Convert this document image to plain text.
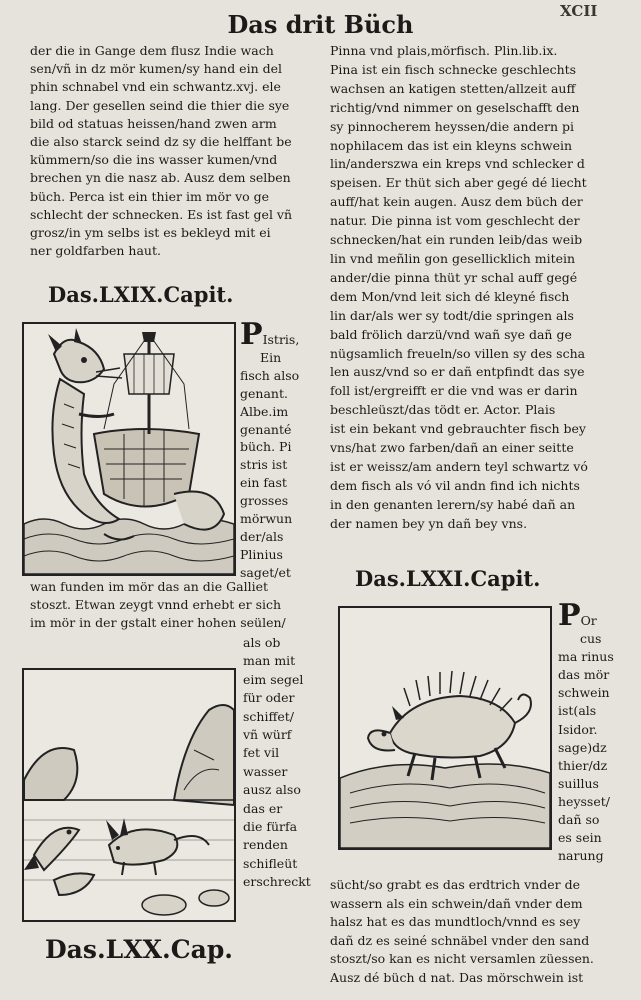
Das drit Büch
der die in Gange dem flusz Indie wach
sen/vñ in dz mör kumen/sy hand ein del
phin schnabel vnd ein schwantz.xvj. ele
lang. Der gesellen seind die thier die sye
bild od statuas heissen/hand zwen arm
die also starck seind dz sy die helffant be
kümmern/so die ins wasser kumen/vnd
brechen yn die nasz ab. Ausz dem selben
büch. Perca ist ein thier im mör vo ge
schlecht der schnecken. Es ist fast gel vñ
grosz/in ym selbs ist es bekleyd mit ei
ner goldfarben haut.
Das.LXIX.Capit.
PIstris,
Ein
fisch also
genant.
Albe.im
genanté
büch. Pi
stris ist
ein fast
grosses
mörwun
der/als
Plinius
saget/et
wan funden im mör das an die Galliet
stoszt. Etwan zeygt vnnd erhebt er sich
im mör in der gstalt einer hohen seülen/
als ob
man mit
eim segel
für oder
schiffet/
vñ würf
fet vil
wasser
ausz also
das er
die fürfa
renden
schifleüt
erschreckt
Das.LXX.Cap.
Pinna vnd plais,mörfisch. Plin.lib.ix.
Pina ist ein fisch schnecke geschlechts
wachsen an katigen stetten/allzeit auff
richtig/vnd nimmer on geselschafft den
sy pinnocherem heyssen/die andern pi
nophilacem das ist ein kleyns schwein
lin/anderszwa ein kreps vnd schlecker d
speisen. Er thüt sich aber gegé dé liecht
auff/hat kein augen. Ausz dem büch der
natur. Die pinna ist vom geschlecht der
schnecken/hat ein runden leib/das weib
lin vnd meñlin gon gesellicklich mitein
ander/die pinna thüt yr schal auff gegé
dem Mon/vnd leit sich dé kleyné fisch
lin dar/als wer sy todt/die springen als
bald frölich darzü/vnd wañ sye dañ ge
nügsamlich freueln/so villen sy des scha
len ausz/vnd so er dañ entpfindt das sye
foll ist/ergreifft er die vnd was er darin
beschleüszt/das tödt er. Actor. Plais
ist ein bekant vnd gebrauchter fisch bey
vns/hat zwo farben/dañ an einer seitte
ist er weissz/am andern teyl schwartz vó
dem fisch als vó vil andn find ich nichts
in den genanten lerern/sy habé dañ an
der namen bey yn dañ bey vns.
Das.LXXI.Capit.
POr
cus
ma rinus
das mör
schwein
ist(als
Isidor.
sage)dz
thier/dz
suillus
heysset/
dañ so
es sein
narung
sücht/so grabt es das erdtrich vnder de
wassern als ein schwein/dañ vnder dem
halsz hat es das mundtloch/vnnd es sey
dañ dz es seiné schnäbel vnder den sand
stoszt/so kan es nicht versamlen züessen.
Ausz dé büch d nat. Das mörschwein ist
XCII
